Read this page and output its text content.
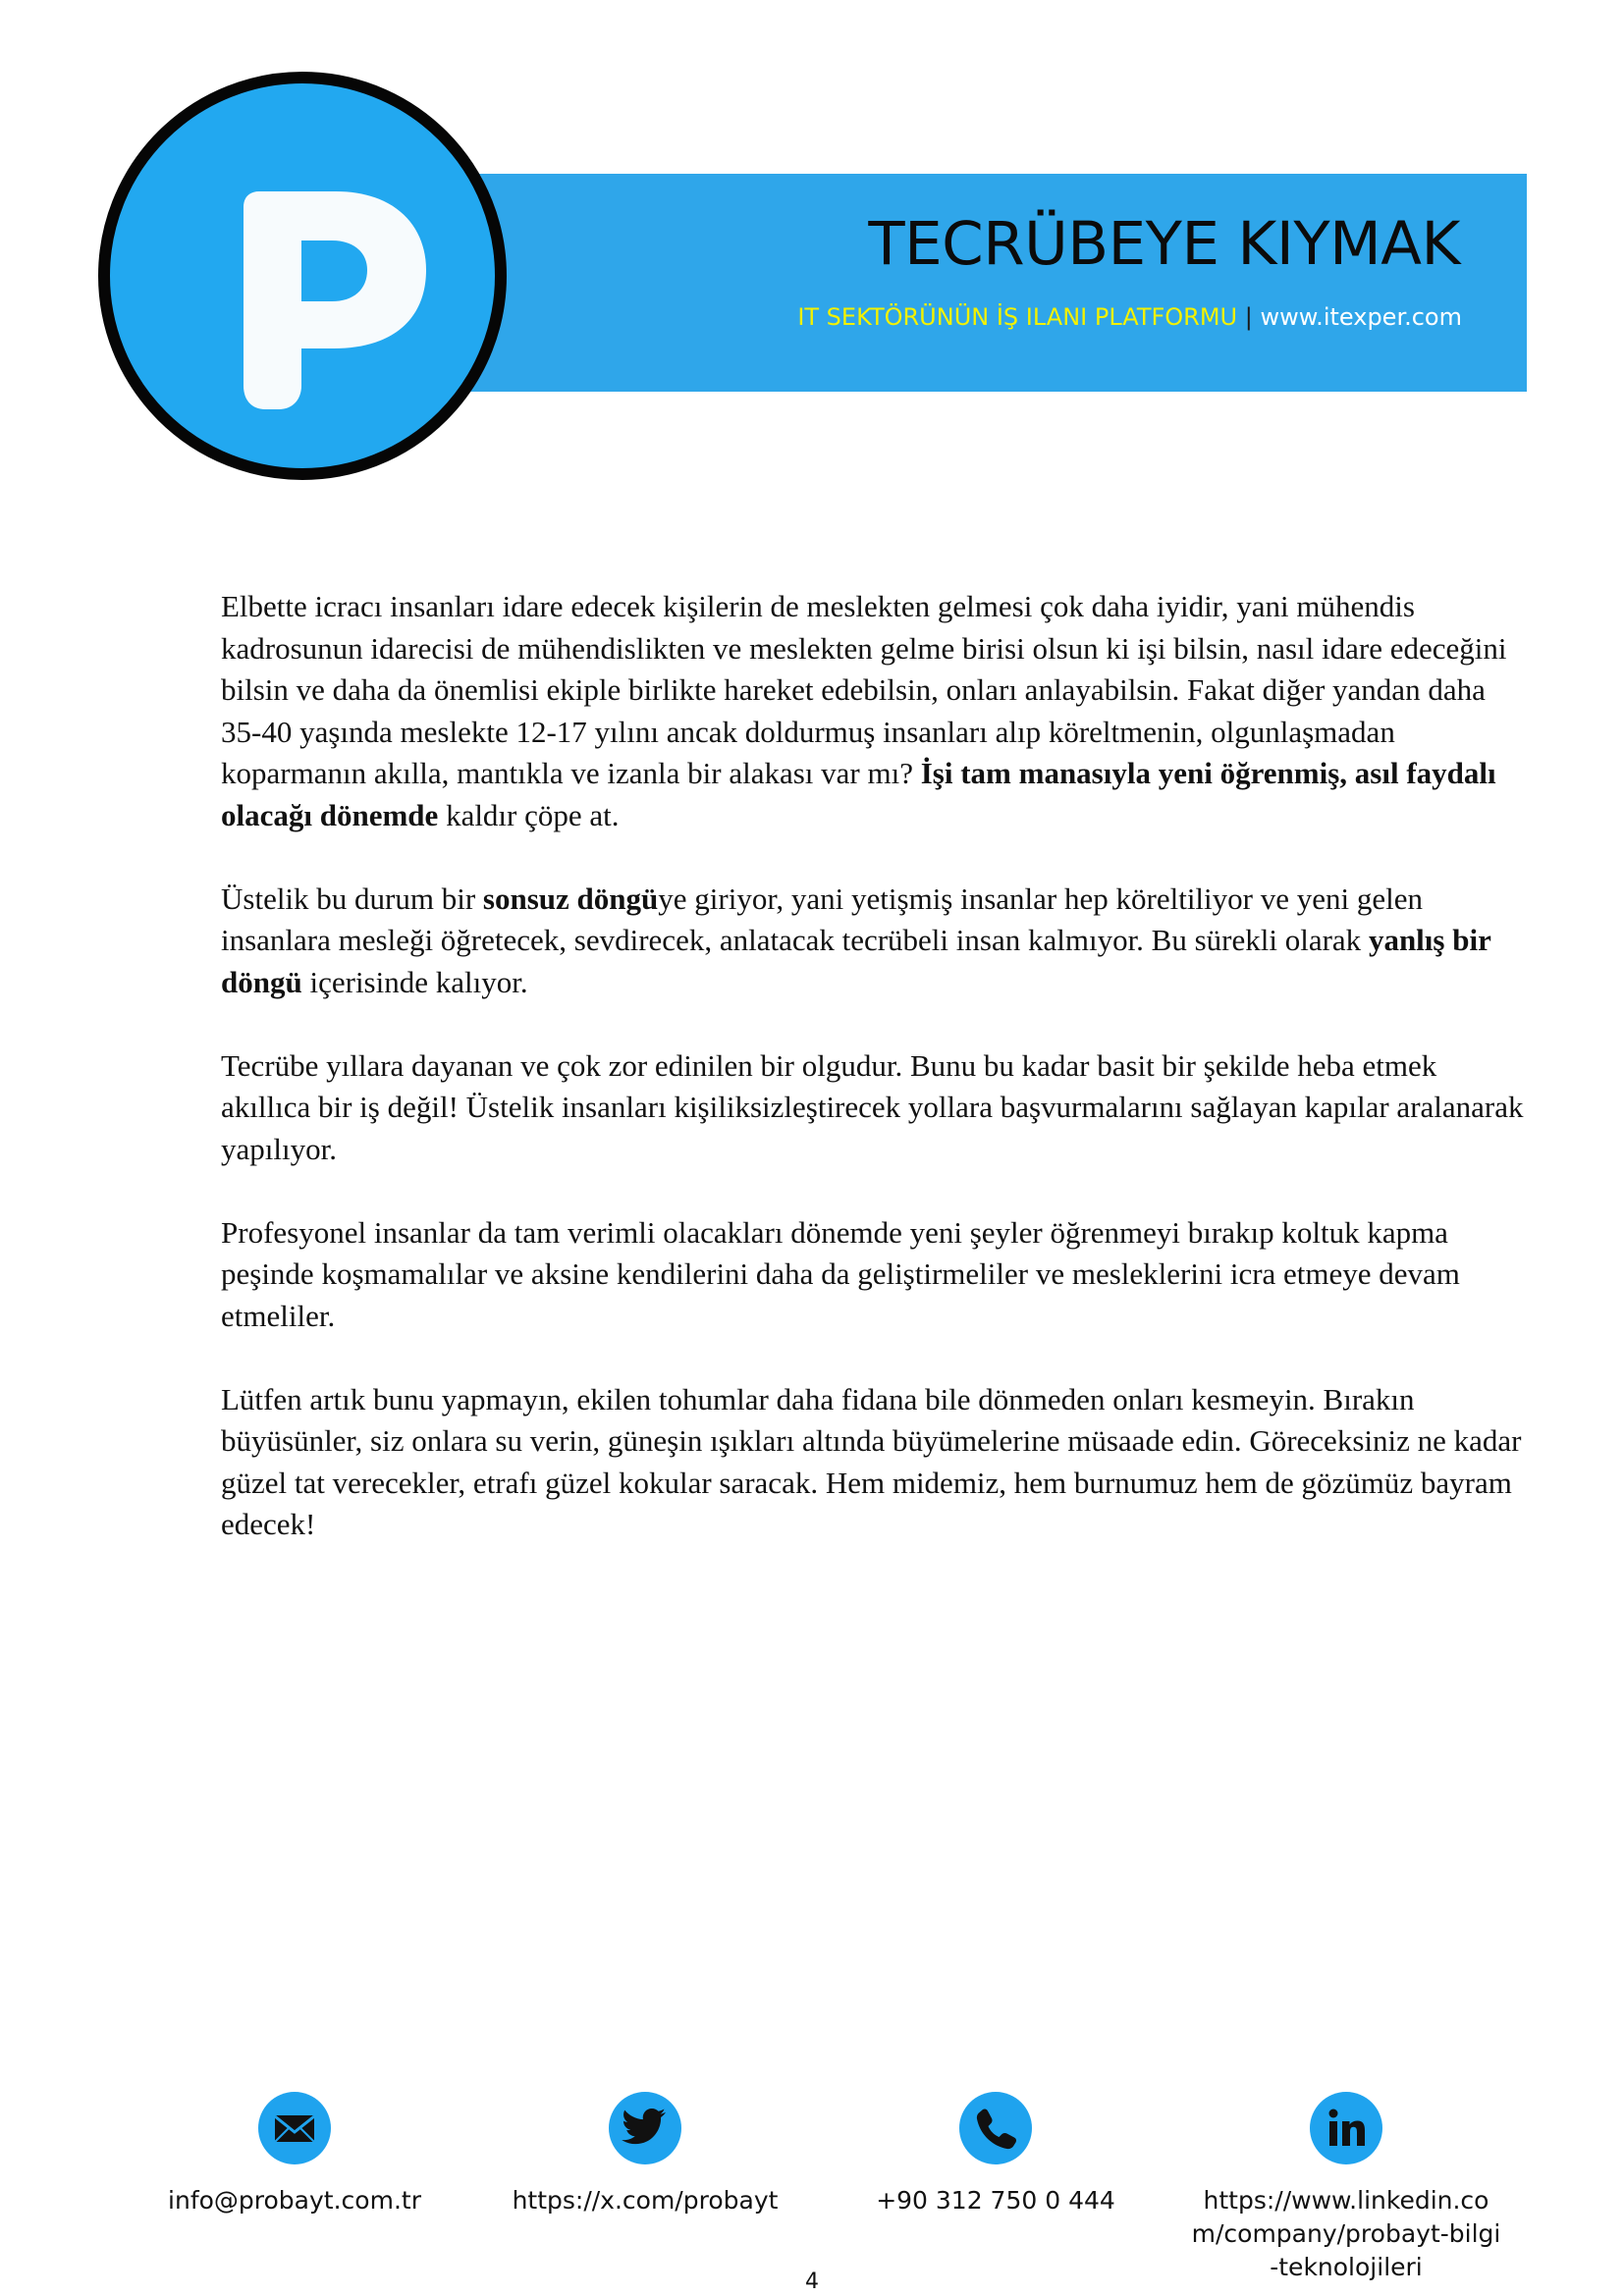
TECRÜBEYE KIYMAK
IT SEKTÖRÜNÜN İŞ ILANI PLATFORMU | www.itexper.com

Elbette icracı insanları idare edecek kişilerin de meslekten gelmesi çok daha iyidir, yani mühendis kadrosunun idarecisi de mühendislikten ve meslekten gelme birisi olsun ki işi bilsin, nasıl idare edeceğini bilsin ve daha da önemlisi ekiple birlikte hareket edebilsin, onları anlayabilsin. Fakat diğer yandan daha 35-40 yaşında meslekte 12-17 yılını ancak doldurmuş insanları alıp köreltmenin, olgunlaşmadan koparmanın akılla, mantıkla ve izanla bir alakası var mı? İşi tam manasıyla yeni öğrenmiş, asıl faydalı olacağı dönemde kaldır çöpe at.

Üstelik bu durum bir sonsuz döngüye giriyor, yani yetişmiş insanlar hep köreltiliyor ve yeni gelen insanlara mesleği öğretecek, sevdirecek, anlatacak tecrübeli insan kalmıyor. Bu sürekli olarak yanlış bir döngü içerisinde kalıyor.

Tecrübe yıllara dayanan ve çok zor edinilen bir olgudur. Bunu bu kadar basit bir şekilde heba etmek akıllıca bir iş değil! Üstelik insanları kişiliksizleştirecek yollara başvurmalarını sağlayan kapılar aralanarak yapılıyor.

Profesyonel insanlar da tam verimli olacakları dönemde yeni şeyler öğrenmeyi bırakıp koltuk kapma peşinde koşmamalılar ve aksine kendilerini daha da geliştirmeliler ve mesleklerini icra etmeye devam etmeliler.

Lütfen artık bunu yapmayın, ekilen tohumlar daha fidana bile dönmeden onları kesmeyin. Bırakın büyüsünler, siz onlara su verin, güneşin ışıkları altında büyümelerine müsaade edin. Göreceksiniz ne kadar güzel tat verecekler, etrafı güzel kokular saracak. Hem midemiz, hem burnumuz hem de gözümüz bayram edecek!

info@probayt.com.tr	https://x.com/probayt	+90 312 750 0 444	https://www.linkedin.com/company/probayt-bilgi-teknolojileri
4
